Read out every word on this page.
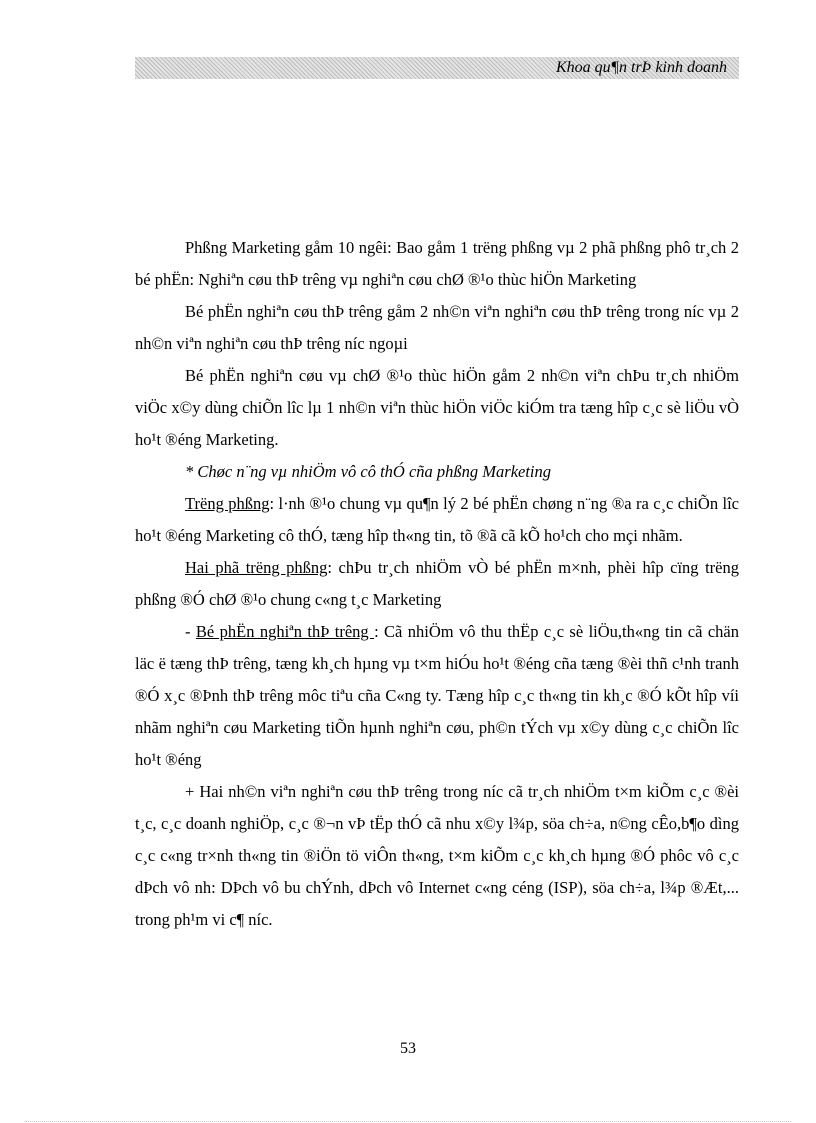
Khoa qu¶n trÞ kinh doanh

Phßng Marketing gåm 10 ngêi: Bao gåm 1 trëng phßng vµ 2 phã phßng phô tr¸ch 2 bé phËn: Nghiªn cøu thÞ trêng vµ nghiªn cøu chØ ®¹o thùc hiÖn Marketing

Bé phËn nghiªn cøu thÞ trêng gåm 2 nh©n viªn nghiªn cøu thÞ trêng trong níc vµ 2 nh©n viªn nghiªn cøu thÞ trêng níc ngoµi

Bé phËn nghiªn cøu vµ chØ ®¹o thùc hiÖn gåm 2 nh©n viªn chÞu tr¸ch nhiÖm viÖc x©y dùng chiÕn lîc lµ 1 nh©n viªn thùc hiÖn viÖc kiÓm tra tæng hîp c¸c sè liÖu vÒ ho¹t ®éng Marketing.

* Chøc n¨ng vµ nhiÖm vô cô thÓ cña phßng Marketing

Trëng phßng: l·nh ®¹o chung vµ qu¶n lý 2 bé phËn chøng n¨ng ®a ra c¸c chiÕn lîc ho¹t ®éng Marketing cô thÓ, tæng hîp th«ng tin, tõ ®ã cã kÕ ho¹ch cho mçi nhãm.

Hai phã trëng phßng: chÞu tr¸ch nhiÖm vÒ bé phËn m×nh, phèi hîp cïng trëng phßng ®Ó chØ ®¹o chung c«ng t¸c Marketing

- Bé phËn nghiªn thÞ trêng : Cã nhiÖm vô thu thËp c¸c sè liÖu,th«ng tin cã chän läc ë tæng thÞ trêng, tæng kh¸ch hµng vµ t×m hiÓu ho¹t ®éng cña tæng ®èi thñ c¹nh tranh ®Ó x¸c ®Þnh thÞ trêng môc tiªu cña C«ng ty. Tæng hîp c¸c th«ng tin kh¸c ®Ó kÕt hîp víi nhãm nghiªn cøu Marketing tiÕn hµnh nghiªn cøu, ph©n tÝch vµ x©y dùng c¸c chiÕn lîc ho¹t ®éng

+ Hai nh©n viªn nghiªn cøu thÞ trêng trong níc cã tr¸ch nhiÖm t×m kiÕm c¸c ®èi t¸c, c¸c doanh nghiÖp, c¸c ®¬n vÞ tËp thÓ cã nhu x©y l¾p, söa ch÷a, n©ng cÊo,b¶o dìng c¸c c«ng tr×nh th«ng tin ®iÖn tö viÔn th«ng, t×m kiÕm c¸c kh¸ch hµng ®Ó phôc vô c¸c dÞch vô nh: DÞch vô bu chÝnh, dÞch vô Internet c«ng céng (ISP), söa ch÷a, l¾p ®Æt,... trong ph¹m vi c¶ níc.

53
